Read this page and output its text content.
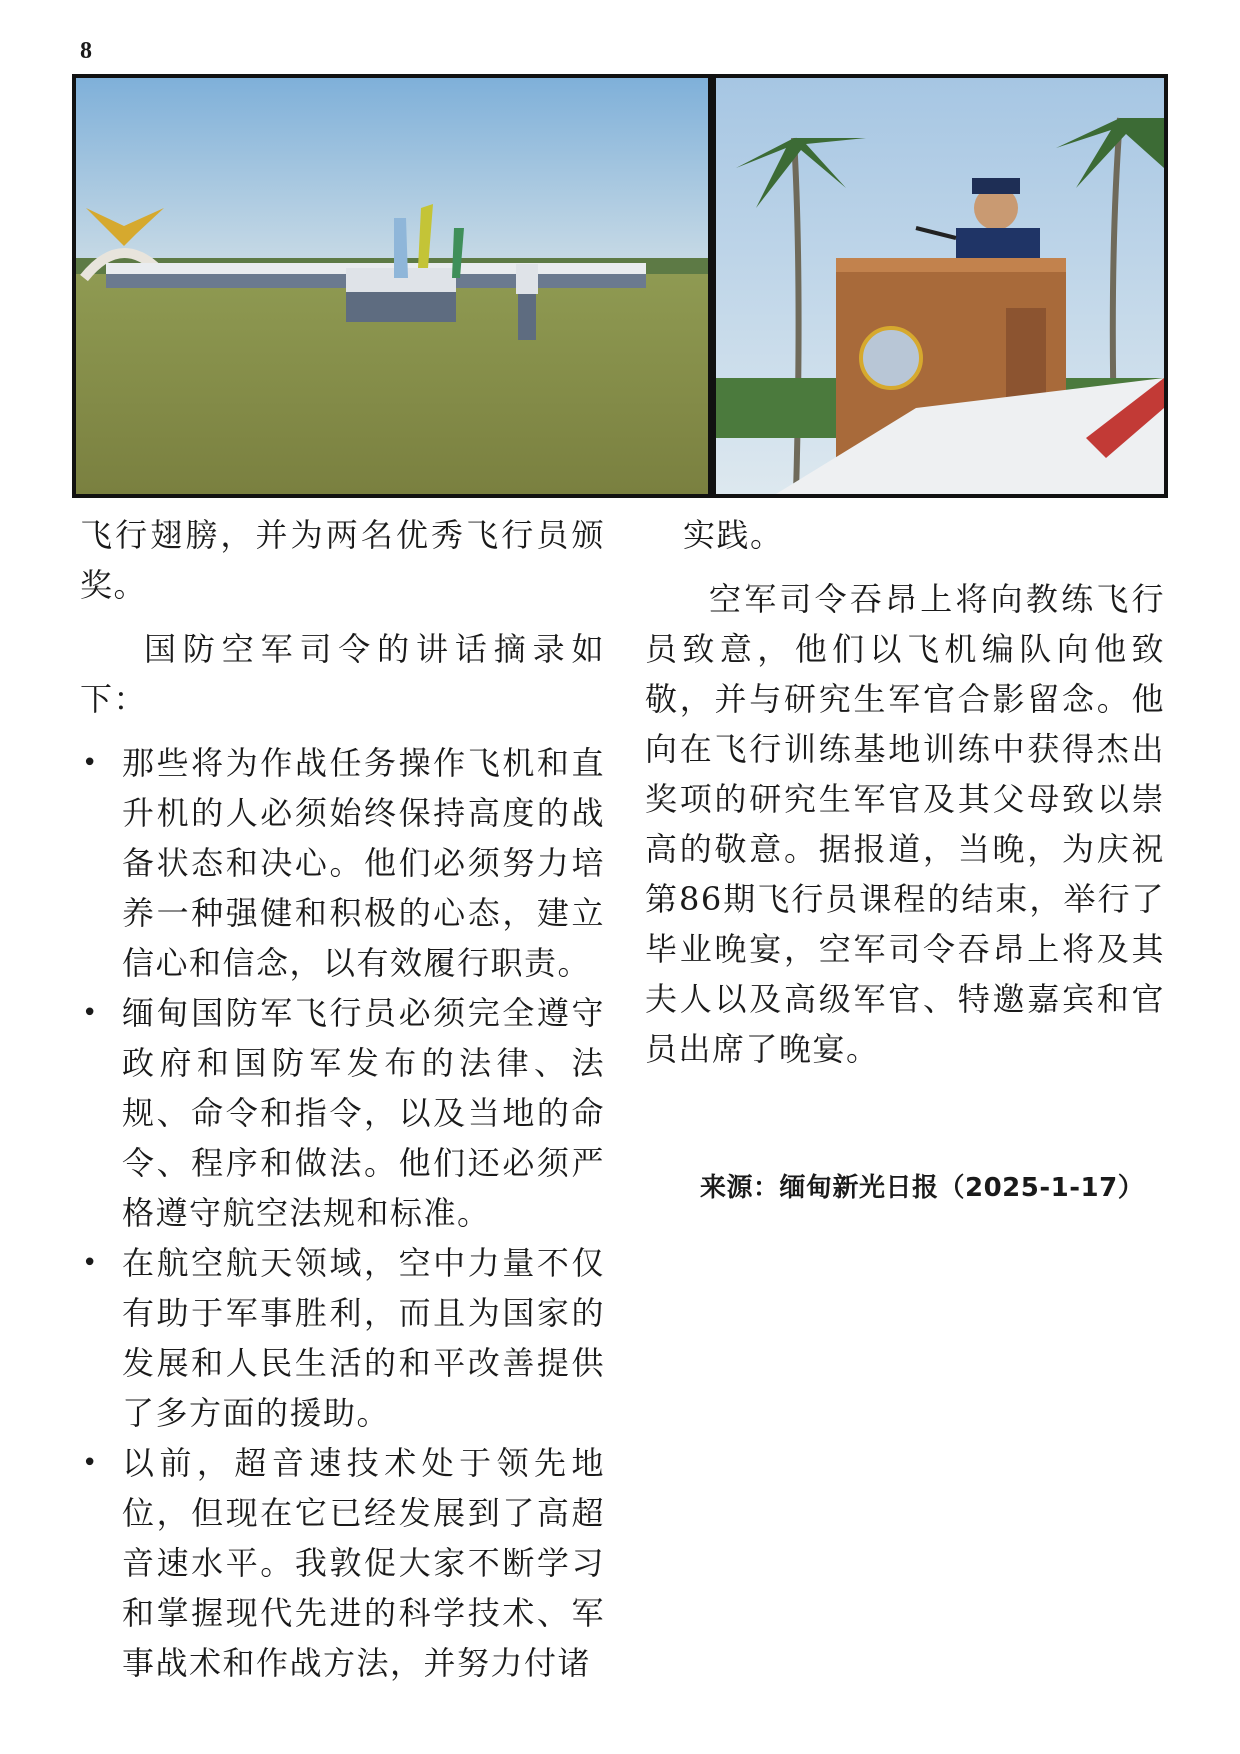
8

飞行翅膀，并为两名优秀飞行员颁奖。

国防空军司令的讲话摘录如下：

• 那些将为作战任务操作飞机和直升机的人必须始终保持高度的战备状态和决心。他们必须努力培养一种强健和积极的心态，建立信心和信念，以有效履行职责。
• 缅甸国防军飞行员必须完全遵守政府和国防军发布的法律、法规、命令和指令，以及当地的命令、程序和做法。他们还必须严格遵守航空法规和标准。
• 在航空航天领域，空中力量不仅有助于军事胜利，而且为国家的发展和人民生活的和平改善提供了多方面的援助。
• 以前，超音速技术处于领先地位，但现在它已经发展到了高超音速水平。我敦促大家不断学习和掌握现代先进的科学技术、军事战术和作战方法，并努力付诸

实践。

空军司令吞昂上将向教练飞行员致意，他们以飞机编队向他致敬，并与研究生军官合影留念。他向在飞行训练基地训练中获得杰出奖项的研究生军官及其父母致以崇高的敬意。据报道，当晚，为庆祝第86期飞行员课程的结束，举行了毕业晚宴，空军司令吞昂上将及其夫人以及高级军官、特邀嘉宾和官员出席了晚宴。

来源：缅甸新光日报（2025-1-17）
